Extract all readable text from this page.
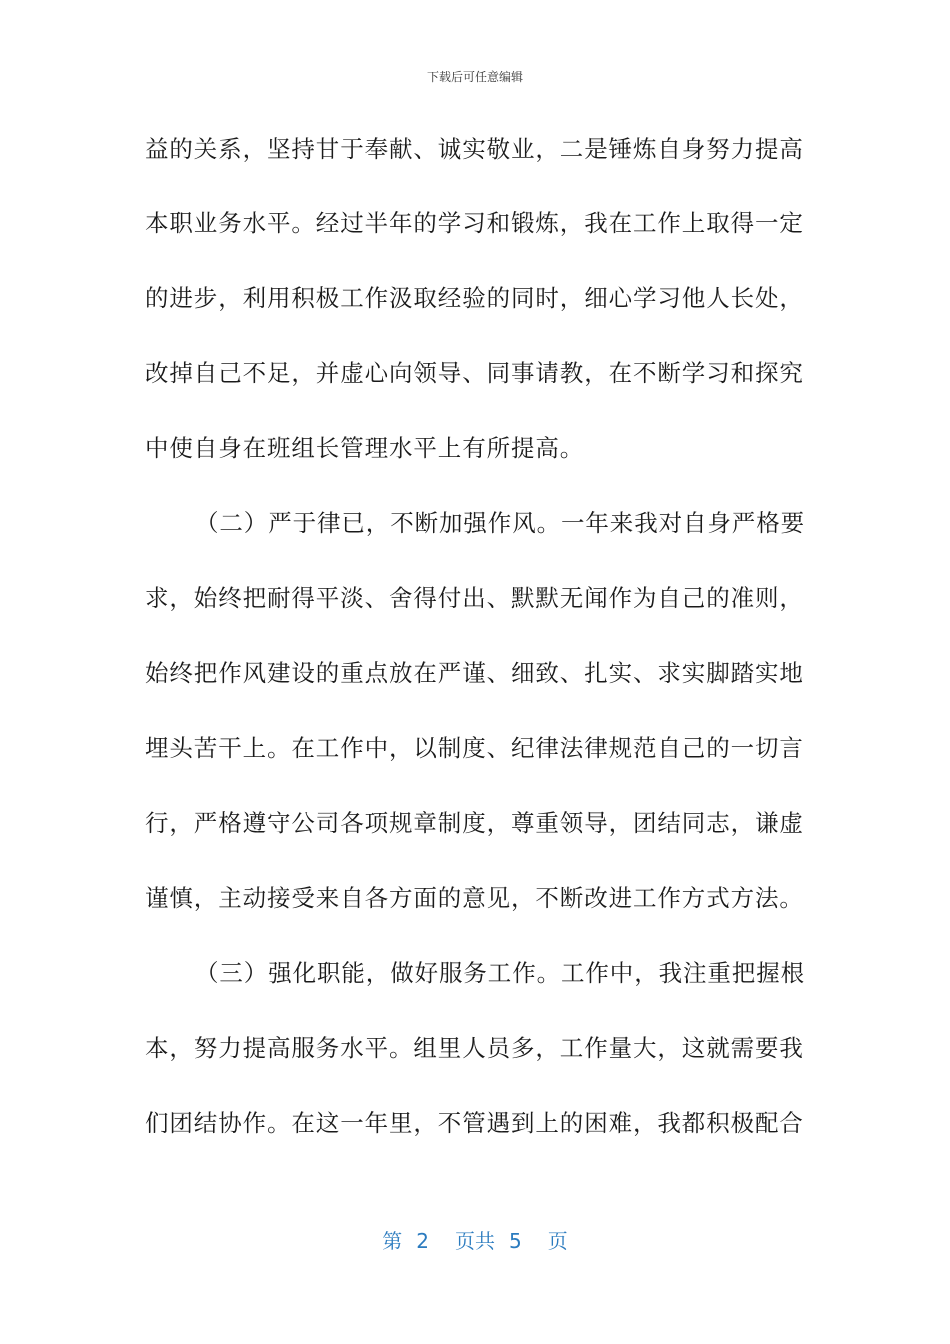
下载后可任意编辑
益的关系，坚持甘于奉献、诚实敬业，二是锤炼自身努力提高
本职业务水平。经过半年的学习和锻炼，我在工作上取得一定
的进步，利用积极工作汲取经验的同时，细心学习他人长处，
改掉自己不足，并虚心向领导、同事请教，在不断学习和探究
中使自身在班组长管理水平上有所提高。
（二）严于律已，不断加强作风。一年来我对自身严格要
求，始终把耐得平淡、舍得付出、默默无闻作为自己的准则，
始终把作风建设的重点放在严谨、细致、扎实、求实脚踏实地
埋头苦干上。在工作中，以制度、纪律法律规范自己的一切言
行，严格遵守公司各项规章制度，尊重领导，团结同志，谦虚
谨慎，主动接受来自各方面的意见，不断改进工作方式方法。
（三）强化职能，做好服务工作。工作中，我注重把握根
本，努力提高服务水平。组里人员多，工作量大，这就需要我
们团结协作。在这一年里，不管遇到上的困难，我都积极配合
第 2 页共 5 页
